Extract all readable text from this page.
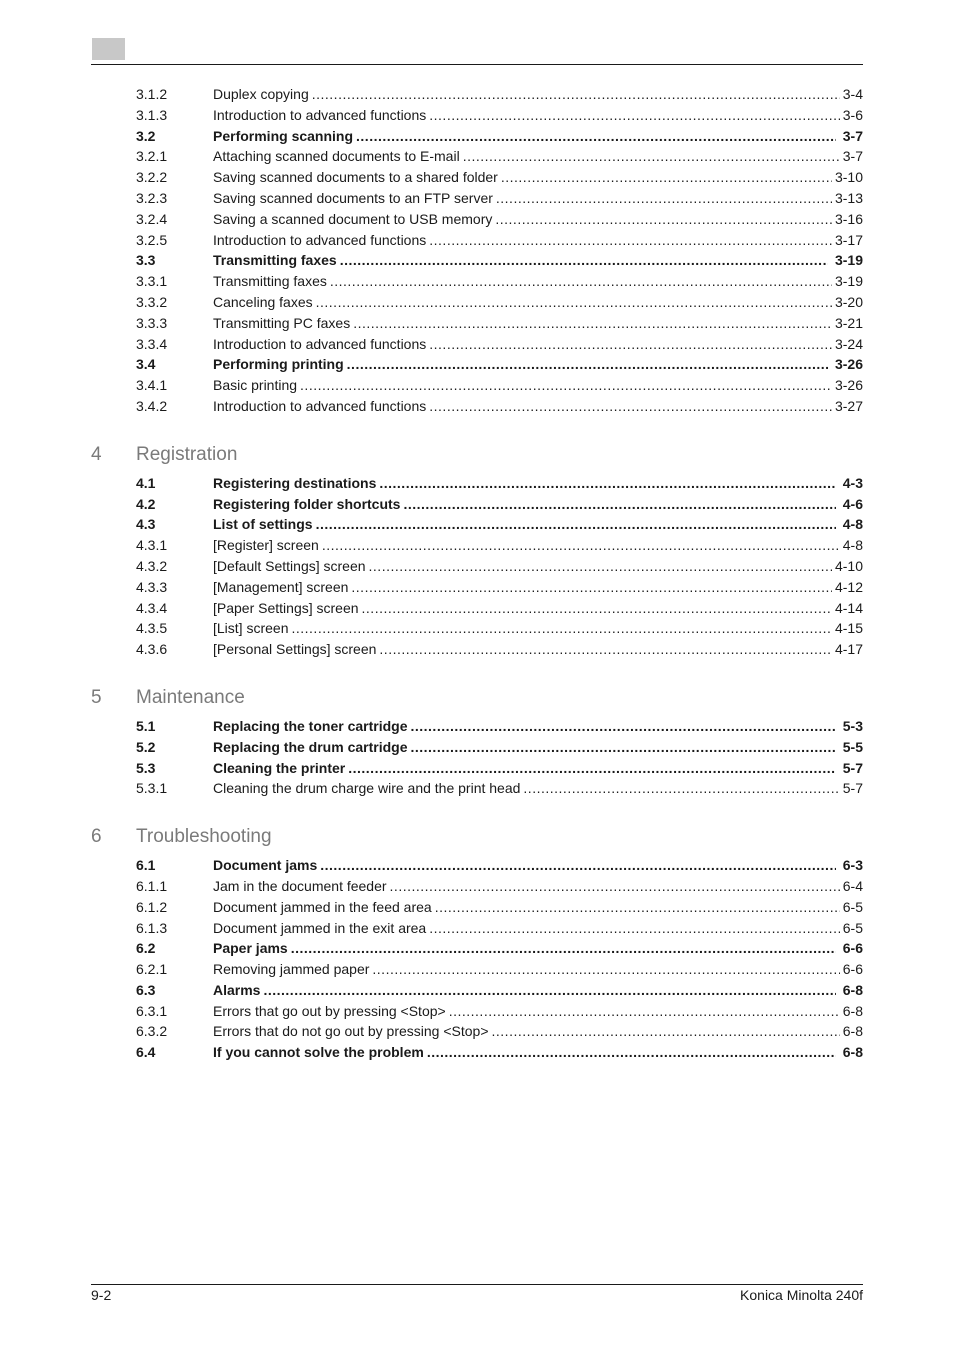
3.1.2	Duplex copying .....	3-4
3.1.3	Introduction to advanced functions .....	3-6
3.2	Performing scanning .....	3-7
3.2.1	Attaching scanned documents to E-mail .....	3-7
3.2.2	Saving scanned documents to a shared folder .....	3-10
3.2.3	Saving scanned documents to an FTP server .....	3-13
3.2.4	Saving a scanned document to USB memory .....	3-16
3.2.5	Introduction to advanced functions .....	3-17
3.3	Transmitting faxes .....	3-19
3.3.1	Transmitting faxes .....	3-19
3.3.2	Canceling faxes .....	3-20
3.3.3	Transmitting PC faxes .....	3-21
3.3.4	Introduction to advanced functions .....	3-24
3.4	Performing printing .....	3-26
3.4.1	Basic printing .....	3-26
3.4.2	Introduction to advanced functions .....	3-27
4	Registration
4.1	Registering destinations .....	4-3
4.2	Registering folder shortcuts .....	4-6
4.3	List of settings .....	4-8
4.3.1	[Register] screen .....	4-8
4.3.2	[Default Settings] screen .....	4-10
4.3.3	[Management] screen .....	4-12
4.3.4	[Paper Settings] screen .....	4-14
4.3.5	[List] screen .....	4-15
4.3.6	[Personal Settings] screen .....	4-17
5	Maintenance
5.1	Replacing the toner cartridge .....	5-3
5.2	Replacing the drum cartridge .....	5-5
5.3	Cleaning the printer .....	5-7
5.3.1	Cleaning the drum charge wire and the print head .....	5-7
6	Troubleshooting
6.1	Document jams .....	6-3
6.1.1	Jam in the document feeder .....	6-4
6.1.2	Document jammed in the feed area .....	6-5
6.1.3	Document jammed in the exit area .....	6-5
6.2	Paper jams .....	6-6
6.2.1	Removing jammed paper .....	6-6
6.3	Alarms .....	6-8
6.3.1	Errors that go out by pressing <Stop> .....	6-8
6.3.2	Errors that do not go out by pressing <Stop> .....	6-8
6.4	If you cannot solve the problem .....	6-8
9-2	Konica Minolta 240f
